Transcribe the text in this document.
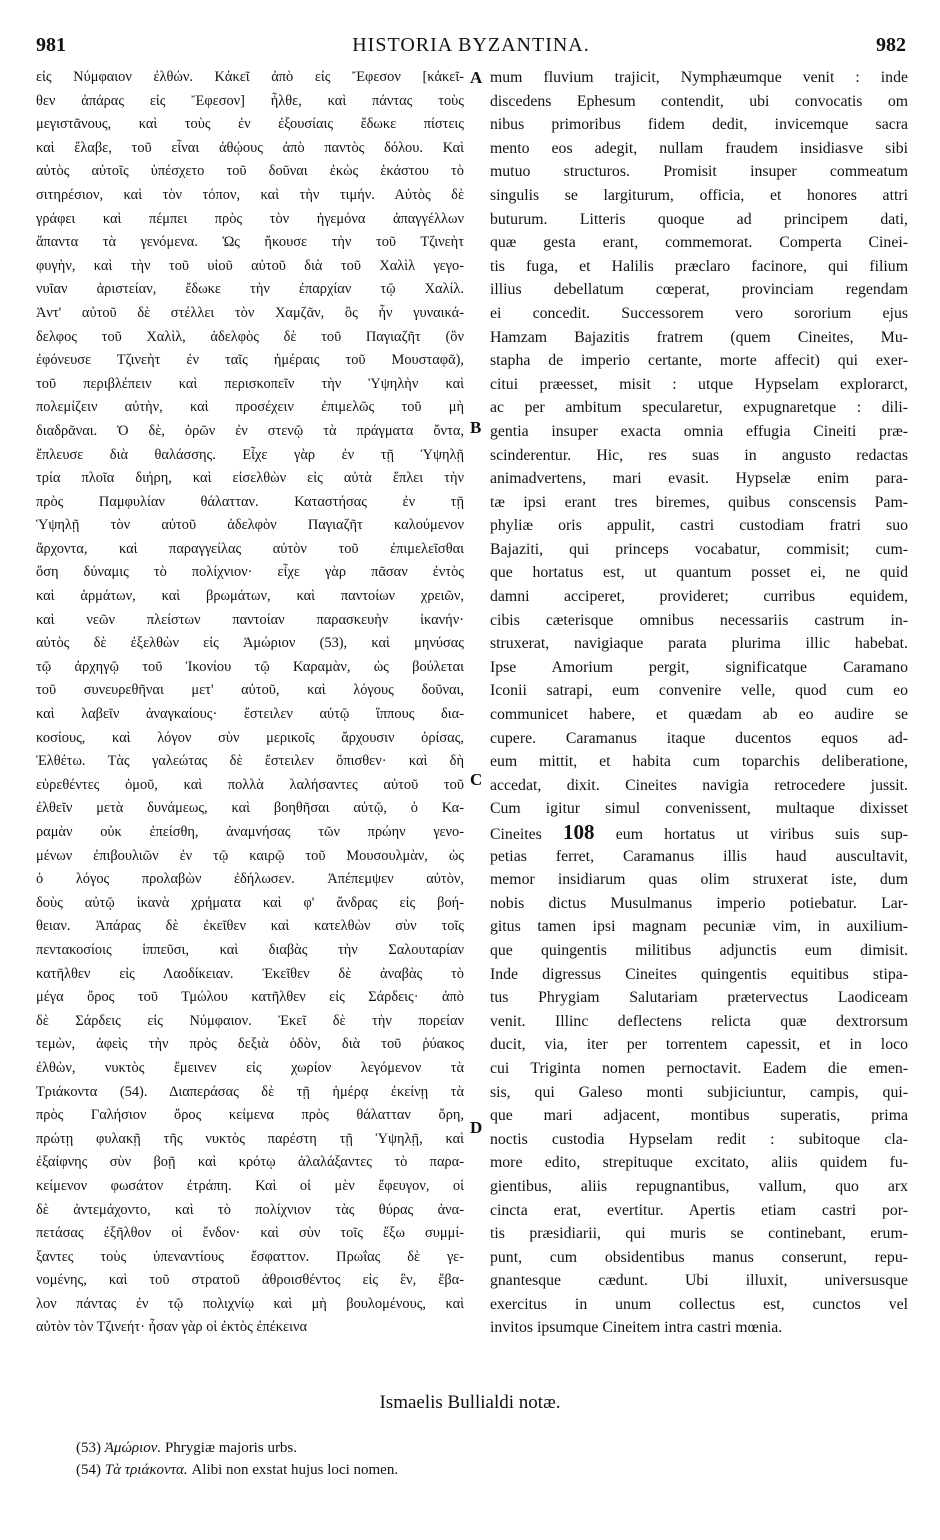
981	HISTORIA BYZANTINA.	982
εἰς Νύμφαιον ἐλθών. Κἀκεῖ ἀπὸ εἰς Ἔφεσον [κἀκεῖ-
θεν ἀπάρας εἰς Ἔφεσον] ἦλθε, καὶ πάντας τοὺς
μεγιστᾶνους, καὶ τοὺς ἐν ἐξουσίαις ἔδωκε πίστεις
καὶ ἔλαβε, τοῦ εἶναι ἀθῴους ἀπὸ παντὸς δόλου. Καὶ
αὐτὸς αὐτοῖς ὑπέσχετο τοῦ δοῦναι ἐκὼς ἑκάστου τὸ
σιτηρέσιον, καὶ τὸν τόπον, καὶ τὴν τιμήν. Αὐτὸς δὲ
γράφει καὶ πέμπει πρὸς τὸν ἡγεμόνα ἀπαγγέλλων
ἅπαντα τὰ γενόμενα. Ὡς ἤκουσε τὴν τοῦ Τζινεὴτ
φυγὴν, καὶ τὴν τοῦ υἱοῦ αὐτοῦ διὰ τοῦ Χαλὶλ γεγο-
νυῖαν ἀριστείαν, ἔδωκε τὴν ἐπαρχίαν τῷ Χαλίλ.
Ἀντ' αὐτοῦ δὲ στέλλει τὸν Χαμζᾶν, ὃς ἦν γυναικά-
δελφος τοῦ Χαλὶλ, ἀδελφὸς δὲ τοῦ Παγιαζῆτ (ὃν
ἐφόνευσε Τζινεὴτ ἐν ταῖς ἡμέραις τοῦ Μουσταφᾶ),
τοῦ περιβλέπειν καὶ περισκοπεῖν τὴν Ὑψηλὴν καὶ
πολεμίζειν αὐτὴν, καὶ προσέχειν ἐπιμελῶς τοῦ μὴ
διαδρᾶναι. Ὁ δὲ, ὁρῶν ἐν στενῷ τὰ πράγματα ὄντα,
ἔπλευσε διὰ θαλάσσης. Εἶχε γὰρ ἐν τῇ Ὑψηλῇ
τρία πλοῖα διήρη, καὶ εἰσελθὼν εἰς αὐτὰ ἔπλει τὴν
πρὸς Παμφυλίαν θάλατταν. Καταστήσας ἐν τῇ
Ὑψηλῇ τὸν αὐτοῦ ἀδελφὸν Παγιαζῆτ καλούμενον
ἄρχοντα, καὶ παραγγείλας αὐτὸν τοῦ ἐπιμελεῖσθαι
ὅση δύναμις τὸ πολίχνιον· εἶχε γὰρ πᾶσαν ἐντὸς
καὶ ἁρμάτων, καὶ βρωμάτων, καὶ παντοίων χρειῶν,
καὶ νεῶν πλείστων παντοίαν παρασκευὴν ἱκανήν·
αὐτὸς δὲ ἐξελθὼν εἰς Ἀμώριον (53), καὶ μηνύσας
τῷ ἀρχηγῷ τοῦ Ἰκονίου τῷ Καραμὰν, ὡς βούλεται
τοῦ συνευρεθῆναι μετ' αὐτοῦ, καὶ λόγους δοῦναι,
καὶ λαβεῖν ἀναγκαίους· ἔστειλεν αὐτῷ ἵππους δια-
κοσίους, καὶ λόγον σὺν μερικοῖς ἄρχουσιν ὁρίσας,
Ἐλθέτω. Τὰς γαλεώτας δὲ ἔστειλεν ὄπισθεν· καὶ δὴ
εὑρεθέντες ὁμοῦ, καὶ πολλὰ λαλήσαντες αὐτοῦ τοῦ
ἐλθεῖν μετὰ δυνάμεως, καὶ βοηθῆσαι αὐτῷ, ὁ Κα-
ραμὰν οὐκ ἐπείσθη, ἀναμνήσας τῶν πρώην γενο-
μένων ἐπιβουλιῶν ἐν τῷ καιρῷ τοῦ Μουσουλμὰν, ὡς
ὁ λόγος προλαβὼν ἐδήλωσεν. Ἀπέπεμψεν αὐτὸν,
δοὺς αὐτῷ ἱκανὰ χρήματα καὶ φ' ἄνδρας εἰς βοή-
θειαν. Ἀπάρας δὲ ἐκεῖθεν καὶ κατελθὼν σὺν τοῖς
πεντακοσίοις ἱππεῦσι, καὶ διαβὰς τὴν Σαλουταρίαν
κατῆλθεν εἰς Λαοδίκειαν. Ἐκεῖθεν δὲ ἀναβὰς τὸ
μέγα ὄρος τοῦ Τμώλου κατῆλθεν εἰς Σάρδεις· ἀπὸ
δὲ Σάρδεις εἰς Νύμφαιον. Ἐκεῖ δὲ τὴν πορείαν
τεμὼν, ἀφεὶς τὴν πρὸς δεξιὰ ὁδὸν, διὰ τοῦ ῥύακος
ἐλθὼν, νυκτὸς ἔμεινεν εἰς χωρίον λεγόμενον τὰ
Τριάκοντα (54). Διαπεράσας δὲ τῇ ἡμέρᾳ ἐκείνῃ τὰ
πρὸς Γαλήσιον ὄρος κείμενα πρὸς θάλατταν ὄρη,
πρώτῃ φυλακῇ τῆς νυκτὸς παρέστη τῇ Ὑψηλῇ, καὶ
ἐξαίφνης σὺν βοῇ καὶ κρότῳ ἀλαλάξαντες τὸ παρα-
κείμενον φωσάτον ἐτράπη. Καὶ οἱ μὲν ἔφευγον, οἱ
δὲ ἀντεμάχοντο, καὶ τὸ πολίχνιον τὰς θύρας ἀνα-
πετάσας ἐξῆλθον οἱ ἔνδον· καὶ σὺν τοῖς ἔξω συμμί-
ξαντες τοὺς ὑπεναντίους ἔσφαττον. Πρωΐας δὲ γε-
νομένης, καὶ τοῦ στρατοῦ ἀθροισθέντος εἰς ἓν, ἔβα-
λον πάντας ἐν τῷ πολιχνίῳ καὶ μὴ βουλομένους, καὶ
αὐτὸν τὸν Τζινεήτ· ἦσαν γὰρ οἱ ἐκτὸς ἐπέκεινα
mum fluvium trajicit, Nymphæumque venit : inde
discedens Ephesum contendit, ubi convocatis om
nibus primoribus fidem dedit, invicemque sacra
mento eos adegit, nullam fraudem insidiasve sibi
mutuo structuros. Promisit insuper commeatum
singulis se largiturum, officia, et honores attri
buturum. Litteris quoque ad principem dati,
quæ gesta erant, commemorat. Comperta Cinei-
tis fuga, et Halilis præclaro facinore, qui filium
illius debellatum cœperat, provinciam regendam
ei concedit. Successorem vero sororium ejus
Hamzam Bajazitis fratrem (quem Cineites, Mu-
stapha de imperio certante, morte affecit) qui exer-
citui præesset, misit : utque Hypselam explorarct,
ac per ambitum specularetur, expugnaretque : dili-
gentia insuper exacta omnia effugia Cineiti præ-
scinderentur. Hic, res suas in angusto redactas
animadvertens, mari evasit. Hypselæ enim para-
tæ ipsi erant tres biremes, quibus conscensis Pam-
phyliæ oris appulit, castri custodiam fratri suo
Bajaziti, qui princeps vocabatur, commisit; cum-
que hortatus est, ut quantum posset ei, ne quid
damni acciperet, provideret; curribus equidem,
cibis cæterisque omnibus necessariis castrum in-
struxerat, navigiaque parata plurima illic habebat.
Ipse Amorium pergit, significatque Caramano
Iconii satrapi, eum convenire velle, quod cum eo
communicet habere, et quædam ab eo audire se
cupere. Caramanus itaque ducentos equos ad-
eum mittit, et habita cum toparchis deliberatione,
accedat, dixit. Cineites navigia retrocedere jussit.
Cum igitur simul convenissent, multaque dixisset
Cineites 108 eum hortatus ut viribus suis sup-
petias ferret, Caramanus illis haud auscultavit,
memor insidiarum quas olim struxerat iste, dum
nobis dictus Musulmanus imperio potiebatur. Lar-
gitus tamen ipsi magnam pecuniæ vim, in auxilium-
que quingentis militibus adjunctis eum dimisit.
Inde digressus Cineites quingentis equitibus stipa-
tus Phrygiam Salutariam prætervectus Laodiceam
venit. Illinc deflectens relicta quæ dextrorsum
ducit, via, iter per torrentem capessit, et in loco
cui Triginta nomen pernoctavit. Eadem die emen-
sis, qui Galeso monti subjiciuntur, campis, qui-
que mari adjacent, montibus superatis, prima
noctis custodia Hypselam redit : subitoque cla-
more edito, strepituque excitato, aliis quidem fu-
gientibus, aliis repugnantibus, vallum, quo arx
cincta erat, evertitur. Apertis etiam castri por-
tis præsidiarii, qui muris se continebant, erum-
punt, cum obsidentibus manus conserunt, repu-
gnantesque cædunt. Ubi illuxit, universusque
exercitus in unum collectus est, cunctos vel
invitos ipsumque Cineitem intra castri mœnia.
A
B
C
D
Ismaelis Bullialdi notæ.
(53) Ἀμώριον. Phrygiæ majoris urbs.
(54) Τὰ τριάκοντα. Alibi non exstat hujus loci nomen.
